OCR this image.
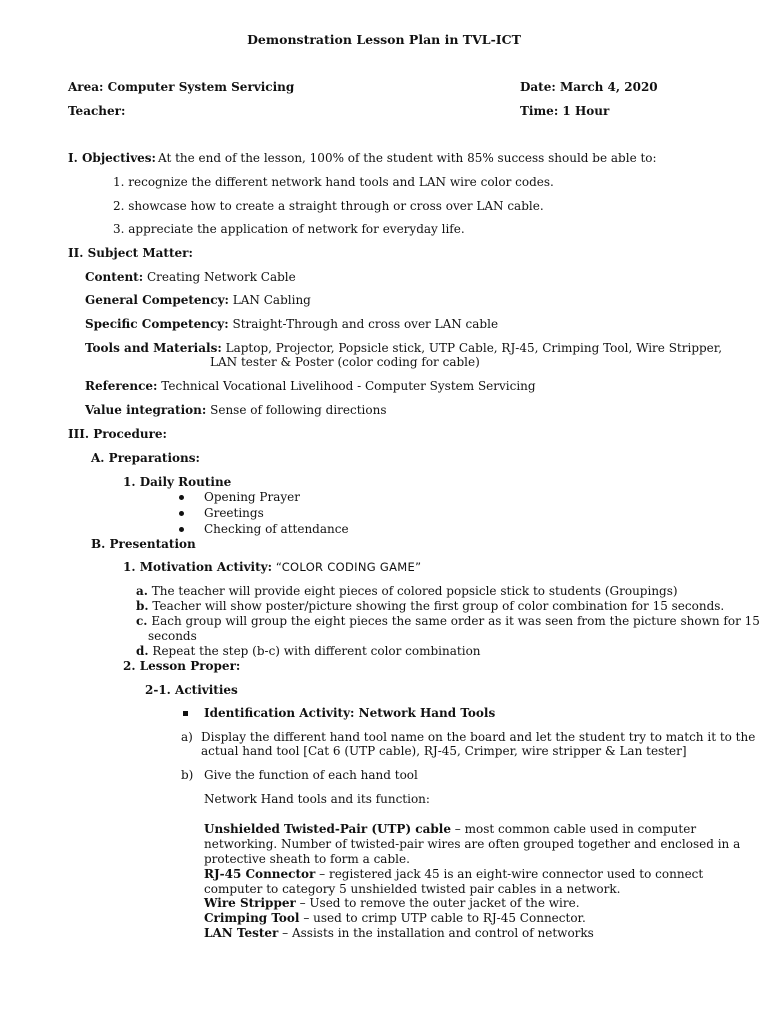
Demonstration Lesson Plan in TVL-ICT
Area: Computer System Servicing	Date: March 4, 2020
Teacher:	Time: 1 Hour
I. Objectives: At the end of the lesson, 100% of the student with 85% success should be able to:
1. recognize the different network hand tools and LAN wire color codes.
2. showcase how to create a straight through or cross over LAN cable.
3. appreciate the application of network for everyday life.
II. Subject Matter:
Content: Creating Network Cable
General Competency: LAN Cabling
Specific Competency: Straight-Through and cross over LAN cable
Tools and Materials: Laptop, Projector, Popsicle stick, UTP Cable, RJ-45, Crimping Tool, Wire Stripper,
LAN tester & Poster (color coding for cable)
Reference: Technical Vocational Livelihood - Computer System Servicing
Value integration: Sense of following directions
III. Procedure:
A. Preparations:
1. Daily Routine
Opening Prayer
Greetings
Checking of attendance
B. Presentation
1. Motivation Activity: “COLOR CODING GAME”
a. The teacher will provide eight pieces of colored popsicle stick to students (Groupings)
b. Teacher will show poster/picture showing the first group of color combination for 15 seconds.
c. Each group will group the eight pieces the same order as it was seen from the picture shown for 15
seconds
d. Repeat the step (b-c) with different color combination
2. Lesson Proper:
2-1. Activities
Identification Activity: Network Hand Tools
a) Display the different hand tool name on the board and let the student try to match it to the
actual hand tool [Cat 6 (UTP cable), RJ-45, Crimper, wire stripper & Lan tester]
b) Give the function of each hand tool
Network Hand tools and its function:
Unshielded Twisted-Pair (UTP) cable – most common cable used in computer
networking. Number of twisted-pair wires are often grouped together and enclosed in a
protective sheath to form a cable.
RJ-45 Connector – registered jack 45 is an eight-wire connector used to connect
computer to category 5 unshielded twisted pair cables in a network.
Wire Stripper – Used to remove the outer jacket of the wire.
Crimping Tool – used to crimp UTP cable to RJ-45 Connector.
LAN Tester – Assists in the installation and control of networks
